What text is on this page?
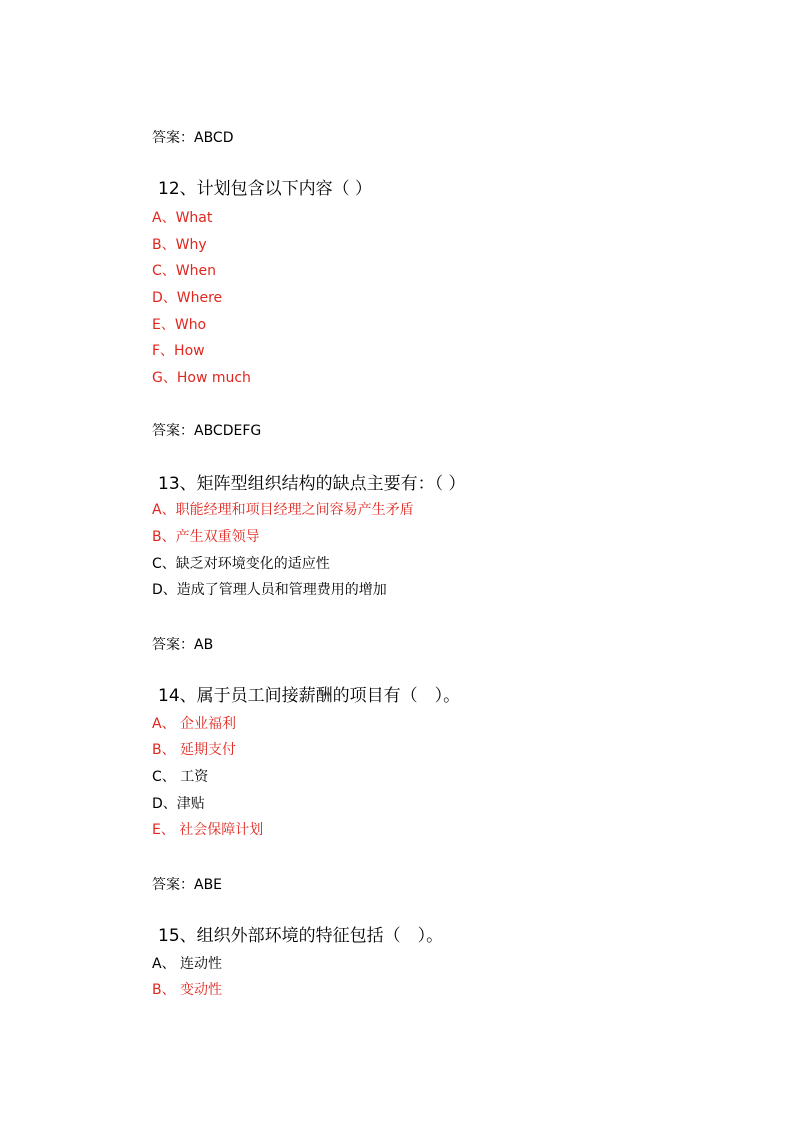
答案：ABCD
12、计划包含以下内容（ ）
A、What
B、Why
C、When
D、Where
E、Who
F、How
G、How much
答案：ABCDEFG
13、矩阵型组织结构的缺点主要有：（ ）
A、职能经理和项目经理之间容易产生矛盾
B、产生双重领导
C、缺乏对环境变化的适应性
D、造成了管理人员和管理费用的增加
答案：AB
14、属于员工间接薪酬的项目有（　）。
A、 企业福利
B、 延期支付
C、 工资
D、津贴
E、 社会保障计划
答案：ABE
15、组织外部环境的特征包括（　）。
A、 连动性
B、 变动性
